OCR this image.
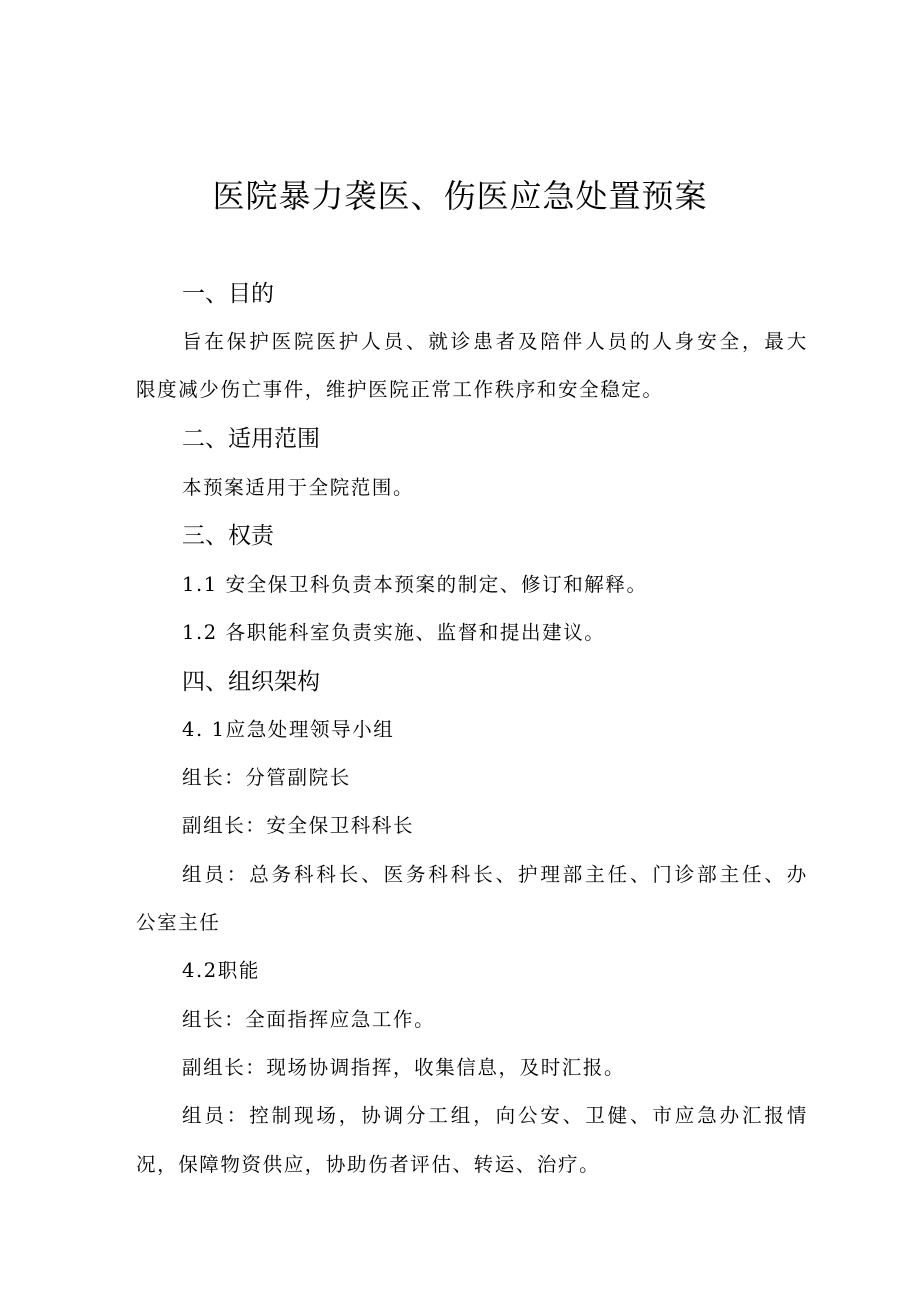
医院暴力袭医、伤医应急处置预案
一、目的
旨在保护医院医护人员、就诊患者及陪伴人员的人身安全，最大
限度减少伤亡事件，维护医院正常工作秩序和安全稳定。
二、适用范围
本预案适用于全院范围。
三、权责
1.1 安全保卫科负责本预案的制定、修订和解释。
1.2 各职能科室负责实施、监督和提出建议。
四、组织架构
4. 1应急处理领导小组
组长：分管副院长
副组长：安全保卫科科长
组员：总务科科长、医务科科长、护理部主任、门诊部主任、办
公室主任
4.2职能
组长：全面指挥应急工作。
副组长：现场协调指挥，收集信息，及时汇报。
组员：控制现场，协调分工组，向公安、卫健、市应急办汇报情
况，保障物资供应，协助伤者评估、转运、治疗。
